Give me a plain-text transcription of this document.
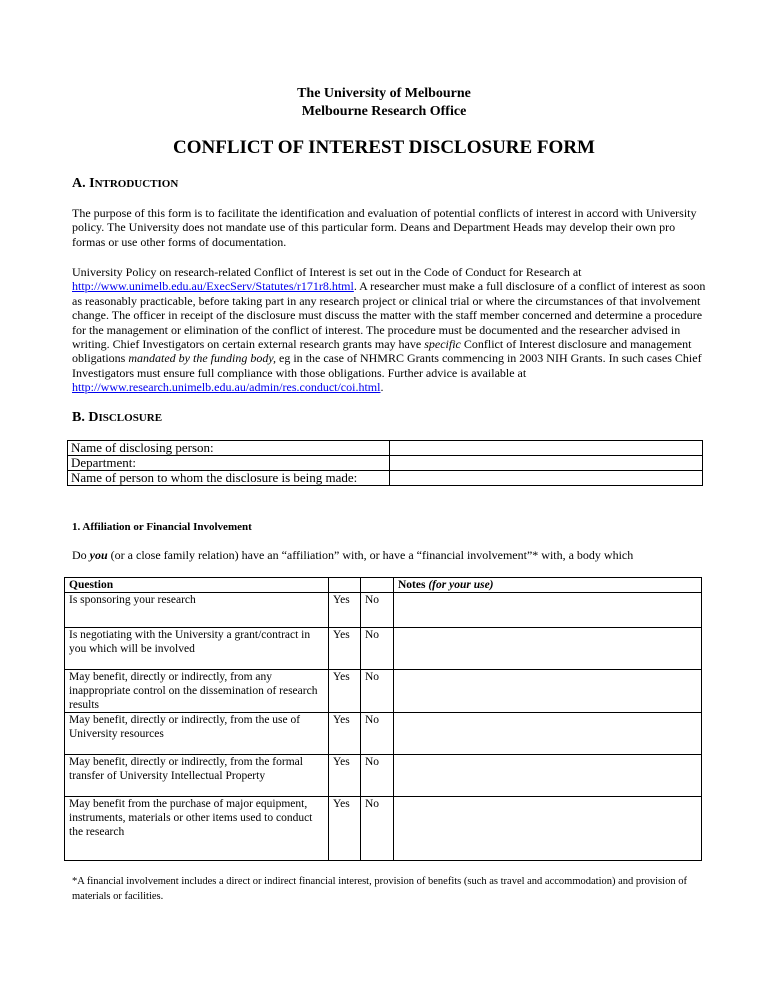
The University of Melbourne
Melbourne Research Office
CONFLICT OF INTEREST DISCLOSURE FORM
A. INTRODUCTION

The purpose of this form is to facilitate the identification and evaluation of potential conflicts of interest in accord with University policy. The University does not mandate use of this particular form. Deans and Department Heads may develop their own pro formas or use other forms of documentation.

University Policy on research-related Conflict of Interest is set out in the Code of Conduct for Research at http://www.unimelb.edu.au/ExecServ/Statutes/r171r8.html. A researcher must make a full disclosure of a conflict of interest as soon as reasonably practicable, before taking part in any research project or clinical trial or where the circumstances of that involvement change. The officer in receipt of the disclosure must discuss the matter with the staff member concerned and determine a procedure for the management or elimination of the conflict of interest. The procedure must be documented and the researcher advised in writing. Chief Investigators on certain external research grants may have specific Conflict of Interest disclosure and management obligations mandated by the funding body, eg in the case of NHMRC Grants commencing in 2003 NIH Grants. In such cases Chief Investigators must ensure full compliance with those obligations. Further advice is available at http://www.research.unimelb.edu.au/admin/res.conduct/coi.html.

B. DISCLOSURE
Name of disclosing person:	
Department:	
Name of person to whom the disclosure is being made:	
1. Affiliation or Financial Involvement
Do you (or a close family relation) have an “affiliation” with, or have a “financial involvement”* with, a body which
Question			Notes (for your use)
Is sponsoring your research	Yes	No	
Is negotiating with the University a grant/contract in you which will be involved	Yes	No	
May benefit, directly or indirectly, from any inappropriate control on the dissemination of research results	Yes	No	
May benefit, directly or indirectly, from the use of University resources	Yes	No	
May benefit, directly or indirectly, from the formal transfer of University Intellectual Property	Yes	No	
May benefit from the purchase of major equipment, instruments, materials or other items used to conduct the research	Yes	No	
*A financial involvement includes a direct or indirect financial interest, provision of benefits (such as travel and accommodation) and provision of materials or facilities.
